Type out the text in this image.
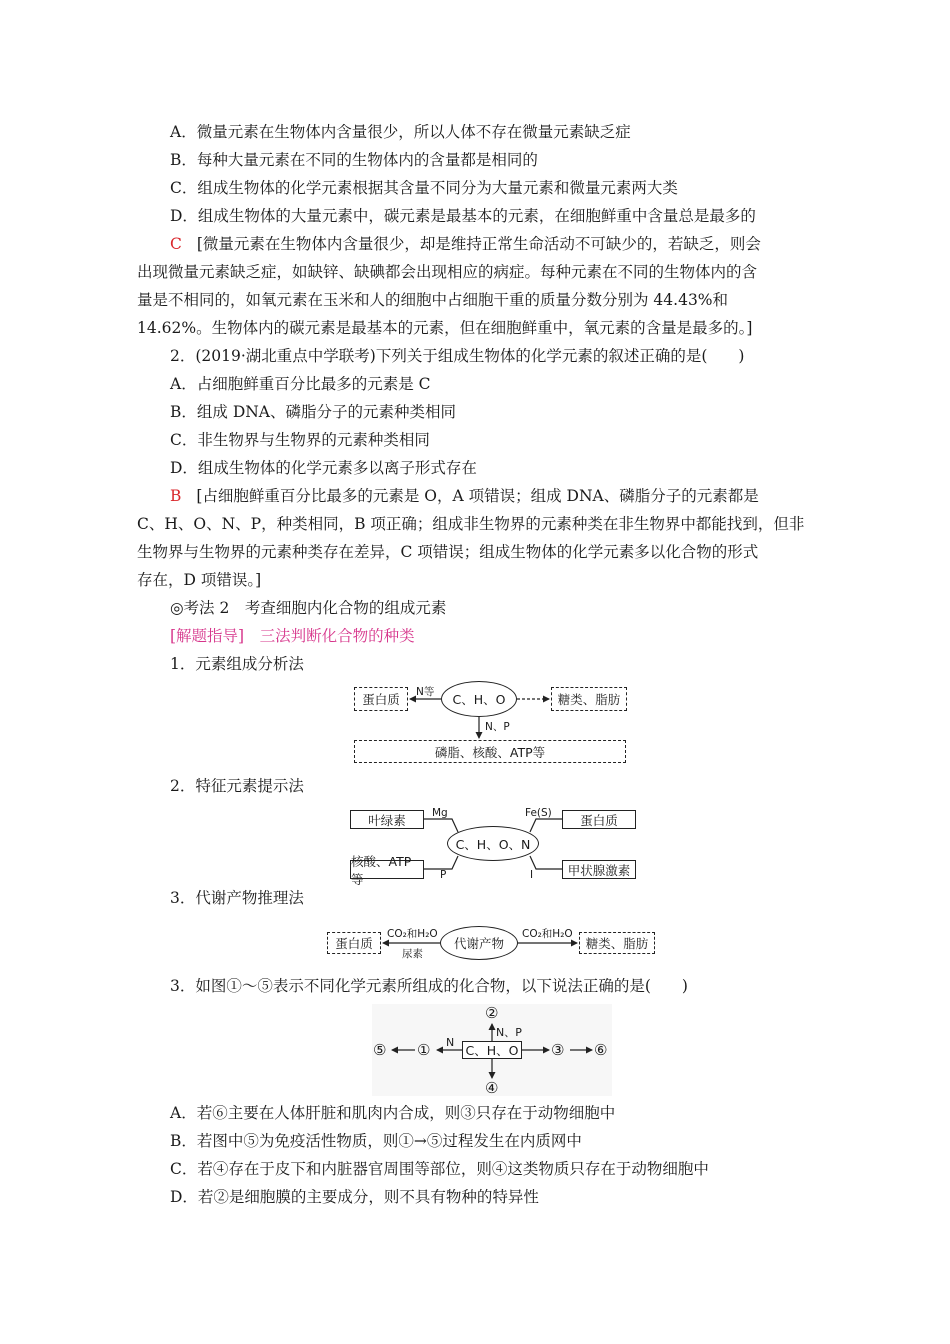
A．微量元素在生物体内含量很少，所以人体不存在微量元素缺乏症
B．每种大量元素在不同的生物体内的含量都是相同的
C．组成生物体的化学元素根据其含量不同分为大量元素和微量元素两大类
D．组成生物体的大量元素中，碳元素是最基本的元素，在细胞鲜重中含量总是最多的
C [微量元素在生物体内含量很少，却是维持正常生命活动不可缺少的，若缺乏，则会
出现微量元素缺乏症，如缺锌、缺碘都会出现相应的病症。每种元素在不同的生物体内的含
量是不相同的，如氧元素在玉米和人的细胞中占细胞干重的质量分数分别为 44.43%和
14.62%。生物体内的碳元素是最基本的元素，但在细胞鲜重中，氧元素的含量是最多的。]
2．(2019·湖北重点中学联考)下列关于组成生物体的化学元素的叙述正确的是(　　)
A．占细胞鲜重百分比最多的元素是 C
B．组成 DNA、磷脂分子的元素种类相同
C．非生物界与生物界的元素种类相同
D．组成生物体的化学元素多以离子形式存在
B [占细胞鲜重百分比最多的元素是 O，A 项错误；组成 DNA、磷脂分子的元素都是
C、H、O、N、P，种类相同，B 项正确；组成非生物界的元素种类在非生物界中都能找到，但非
生物界与生物界的元素种类存在差异，C 项错误；组成生物体的化学元素多以化合物的形式
存在，D 项错误。]
◎考法 2　考查细胞内化合物的组成元素
[解题指导]　三法判断化合物的种类
1．元素组成分析法
蛋白质	C、H、O	糖类、脂肪
磷脂、核酸、ATP等
N等
N、P
2．特征元素提示法
叶绿素	蛋白质
C、H、O、N
核酸、ATP等
甲状腺激素
Mg	Fe(S)
P	I
3．代谢产物推理法
蛋白质	代谢产物	糖类、脂肪
CO₂和H₂O
尿素
CO₂和H₂O
3．如图①～⑤表示不同化学元素所组成的化合物，以下说法正确的是(　　)
C、H、O
②
④
⑤ ①	③ ⑥
N
N、P
A．若⑥主要在人体肝脏和肌肉内合成，则③只存在于动物细胞中
B．若图中⑤为免疫活性物质，则①→⑤过程发生在内质网中
C．若④存在于皮下和内脏器官周围等部位，则④这类物质只存在于动物细胞中
D．若②是细胞膜的主要成分，则不具有物种的特异性
